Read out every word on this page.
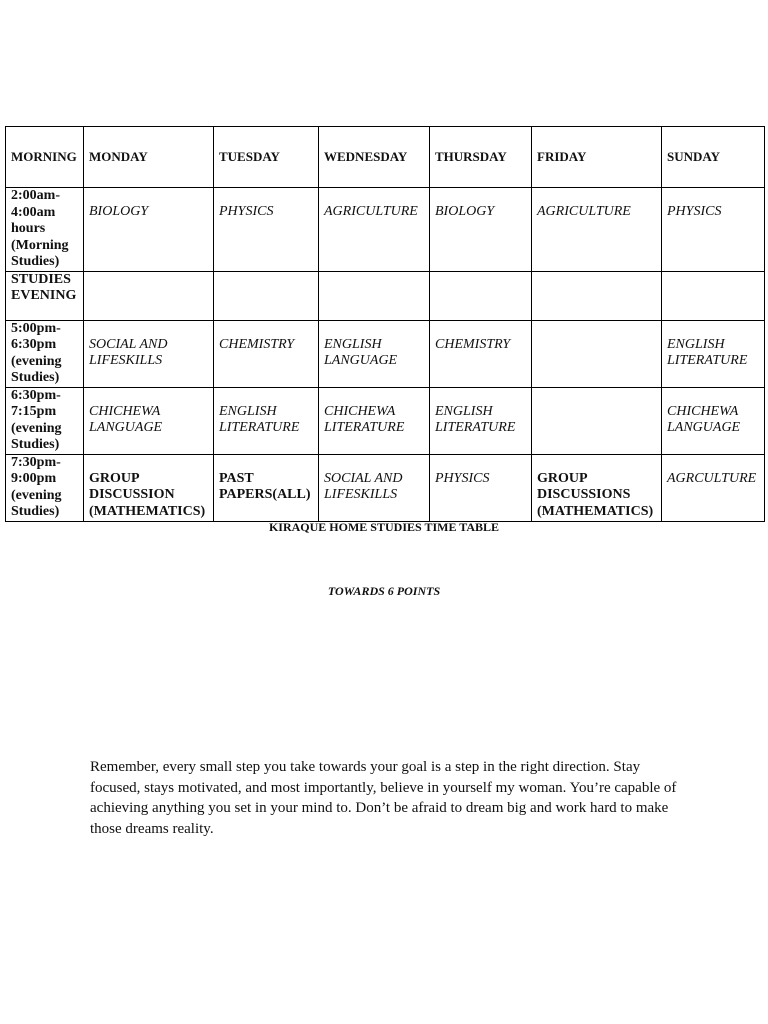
MORNING	MONDAY	TUESDAY	WEDNESDAY	THURSDAY	FRIDAY	SUNDAY
2:00am-4:00am hours (Morning Studies)	BIOLOGY	PHYSICS	AGRICULTURE	BIOLOGY	AGRICULTURE	PHYSICS
STUDIES EVENING						
5:00pm-6:30pm (evening Studies)	SOCIAL AND LIFESKILLS	CHEMISTRY	ENGLISH LANGUAGE	CHEMISTRY		ENGLISH LITERATURE
6:30pm-7:15pm (evening Studies)	CHICHEWA LANGUAGE	ENGLISH LITERATURE	CHICHEWA LITERATURE	ENGLISH LITERATURE		CHICHEWA LANGUAGE
7:30pm-9:00pm (evening Studies)	GROUP DISCUSSION (MATHEMATICS)	PAST PAPERS(ALL)	SOCIAL AND LIFESKILLS	PHYSICS	GROUP DISCUSSIONS (MATHEMATICS)	AGRCULTURE
KIRAQUE HOME STUDIES TIME TABLE
TOWARDS 6 POINTS

Remember, every small step you take towards your goal is a step in the right direction. Stay focused, stays motivated, and most importantly, believe in yourself my woman. You’re capable of achieving anything you set in your mind to. Don’t be afraid to dream big and work hard to make those dreams reality.
